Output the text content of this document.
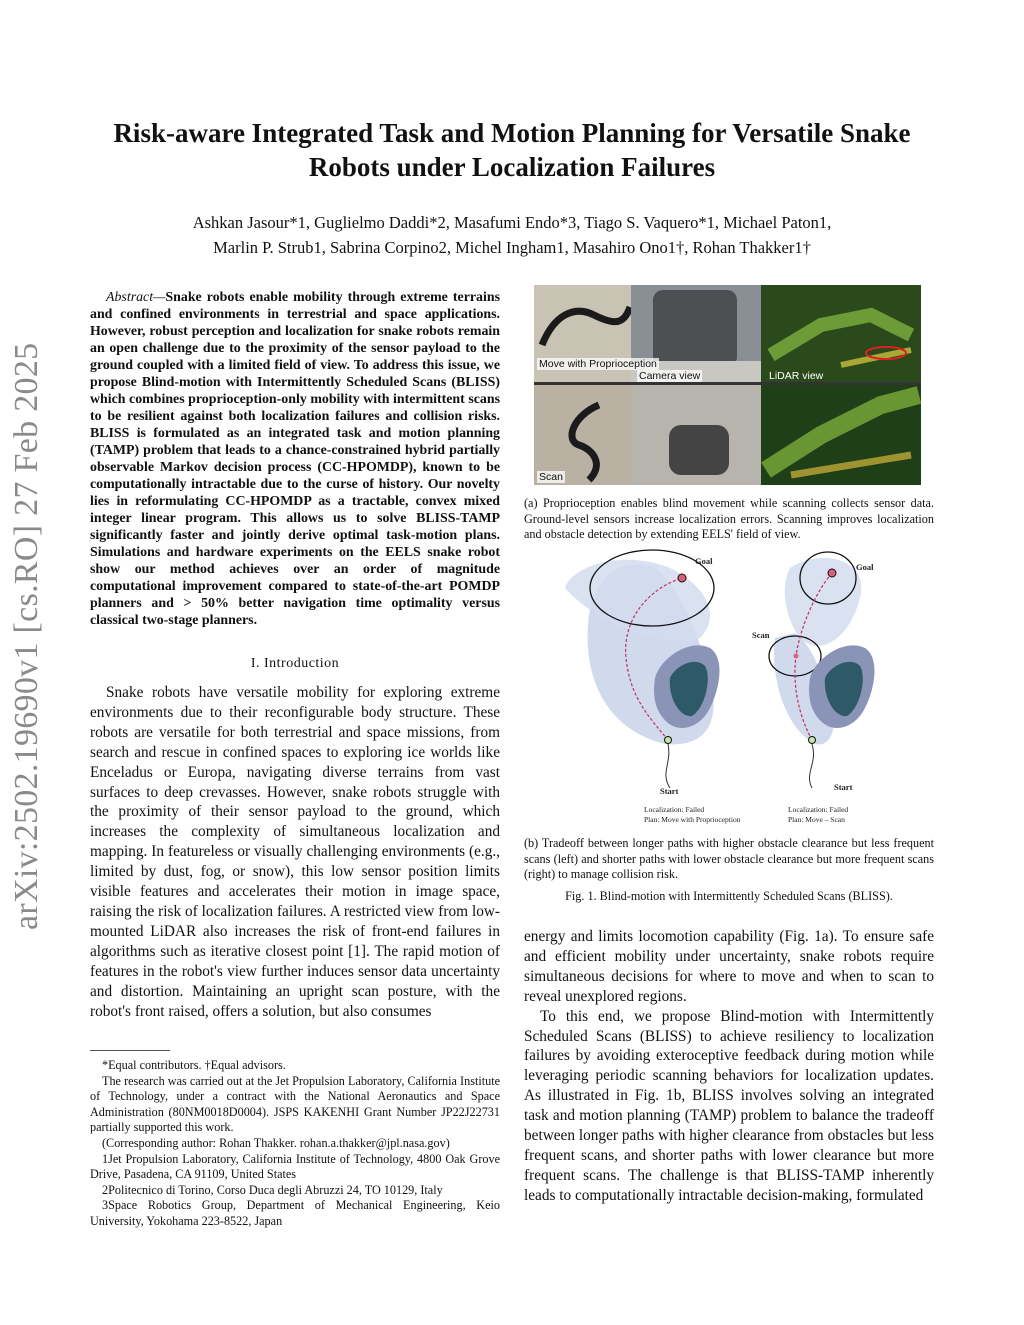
arXiv:2502.19690v1 [cs.RO] 27 Feb 2025
Risk-aware Integrated Task and Motion Planning for Versatile Snake Robots under Localization Failures
Ashkan Jasour*1, Guglielmo Daddi*2, Masafumi Endo*3, Tiago S. Vaquero*1, Michael Paton1,
Marlin P. Strub1, Sabrina Corpino2, Michel Ingham1, Masahiro Ono1†, Rohan Thakker1†
Abstract—Snake robots enable mobility through extreme terrains and confined environments in terrestrial and space applications. However, robust perception and localization for snake robots remain an open challenge due to the proximity of the sensor payload to the ground coupled with a limited field of view. To address this issue, we propose Blind-motion with Intermittently Scheduled Scans (BLISS) which combines proprioception-only mobility with intermittent scans to be resilient against both localization failures and collision risks. BLISS is formulated as an integrated task and motion planning (TAMP) problem that leads to a chance-constrained hybrid partially observable Markov decision process (CC-HPOMDP), known to be computationally intractable due to the curse of history. Our novelty lies in reformulating CC-HPOMDP as a tractable, convex mixed integer linear program. This allows us to solve BLISS-TAMP significantly faster and jointly derive optimal task-motion plans. Simulations and hardware experiments on the EELS snake robot show our method achieves over an order of magnitude computational improvement compared to state-of-the-art POMDP planners and > 50% better navigation time optimality versus classical two-stage planners.
I. Introduction

Snake robots have versatile mobility for exploring extreme environments due to their reconfigurable body structure. These robots are versatile for both terrestrial and space missions, from search and rescue in confined spaces to exploring ice worlds like Enceladus or Europa, navigating diverse terrains from vast surfaces to deep crevasses. However, snake robots struggle with the proximity of their sensor payload to the ground, which increases the complexity of simultaneous localization and mapping. In featureless or visually challenging environments (e.g., limited by dust, fog, or snow), this low sensor position limits visible features and accelerates their motion in image space, raising the risk of localization failures. A restricted view from low-mounted LiDAR also increases the risk of front-end failures in algorithms such as iterative closest point [1]. The rapid motion of features in the robot's view further induces sensor data uncertainty and distortion. Maintaining an upright scan posture, with the robot's front raised, offers a solution, but also consumes

*Equal contributors. †Equal advisors.

The research was carried out at the Jet Propulsion Laboratory, California Institute of Technology, under a contract with the National Aeronautics and Space Administration (80NM0018D0004). JSPS KAKENHI Grant Number JP22J22731 partially supported this work.

(Corresponding author: Rohan Thakker. rohan.a.thakker@jpl.nasa.gov)

1Jet Propulsion Laboratory, California Institute of Technology, 4800 Oak Grove Drive, Pasadena, CA 91109, United States

2Politecnico di Torino, Corso Duca degli Abruzzi 24, TO 10129, Italy

3Space Robotics Group, Department of Mechanical Engineering, Keio University, Yokohama 223-8522, Japan

Move with Proprioception
Camera view	LiDAR view
Scan
(a) Proprioception enables blind movement while scanning collects sensor data. Ground-level sensors increase localization errors. Scanning improves localization and obstacle detection by extending EELS' field of view.
Goal
Start
Localization: Failed
Plan: Move with Proprioception
Goal
Scan
Start
Localization: Failed
Plan: Move – Scan
(b) Tradeoff between longer paths with higher obstacle clearance but less frequent scans (left) and shorter paths with lower obstacle clearance but more frequent scans (right) to manage collision risk.
Fig. 1. Blind-motion with Intermittently Scheduled Scans (BLISS).

energy and limits locomotion capability (Fig. 1a). To ensure safe and efficient mobility under uncertainty, snake robots require simultaneous decisions for where to move and when to scan to reveal unexplored regions.

To this end, we propose Blind-motion with Intermittently Scheduled Scans (BLISS) to achieve resiliency to localization failures by avoiding exteroceptive feedback during motion while leveraging periodic scanning behaviors for localization updates. As illustrated in Fig. 1b, BLISS involves solving an integrated task and motion planning (TAMP) problem to balance the tradeoff between longer paths with higher clearance from obstacles but less frequent scans, and shorter paths with lower clearance but more frequent scans. The challenge is that BLISS-TAMP inherently leads to computationally intractable decision-making, formulated
